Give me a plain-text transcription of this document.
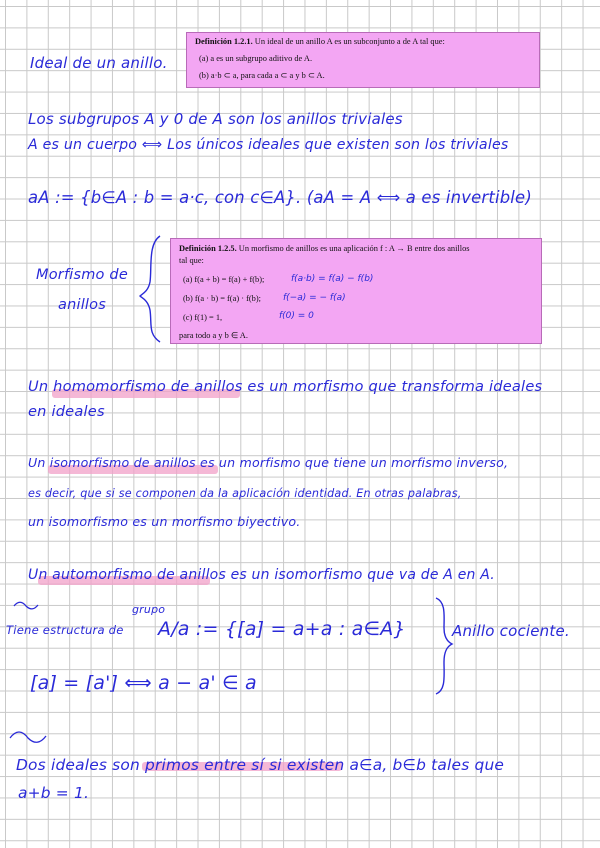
Definición 1.2.1. Un ideal de un anillo A es un subconjunto a de A tal que:
(a) a es un subgrupo aditivo de A.
(b) a·b ⊂ a, para cada a ⊂ a y b ⊂ A.
Definición 1.2.5. Un morfismo de anillos es una aplicación f : A → B entre dos anillos
tal que:
(a) f(a + b) = f(a) + f(b);	f(a·b) = f(a) − f(b)
(b) f(a · b) = f(a) · f(b); f(−a) = − f(a)
(c) f(1) = 1,	f(0) = 0
para todo a y b ∈ A.
Ideal de un anillo.
Los subgrupos A y 0 de A son los anillos triviales
A es un cuerpo ⟺ Los únicos ideales que existen son los triviales
aA := {b∈A : b = a·c, con c∈A}. (aA = A ⟺ a es invertible)
Morfismo de
anillos
Un homomorfismo de anillos es un morfismo que transforma ideales
en ideales
Un isomorfismo de anillos es un morfismo que tiene un morfismo inverso,
es decir, que si se componen da la aplicación identidad. En otras palabras,
un isomorfismo es un morfismo biyectivo.
Un automorfismo de anillos es un isomorfismo que va de A en A.
grupo
Tiene estructura de A/a := {[a] = a+a : a∈A}	Anillo cociente.
[a] = [a'] ⟺ a − a' ∈ a
Dos ideales son primos entre sí si existen a∈a, b∈b tales que
a+b = 1.
